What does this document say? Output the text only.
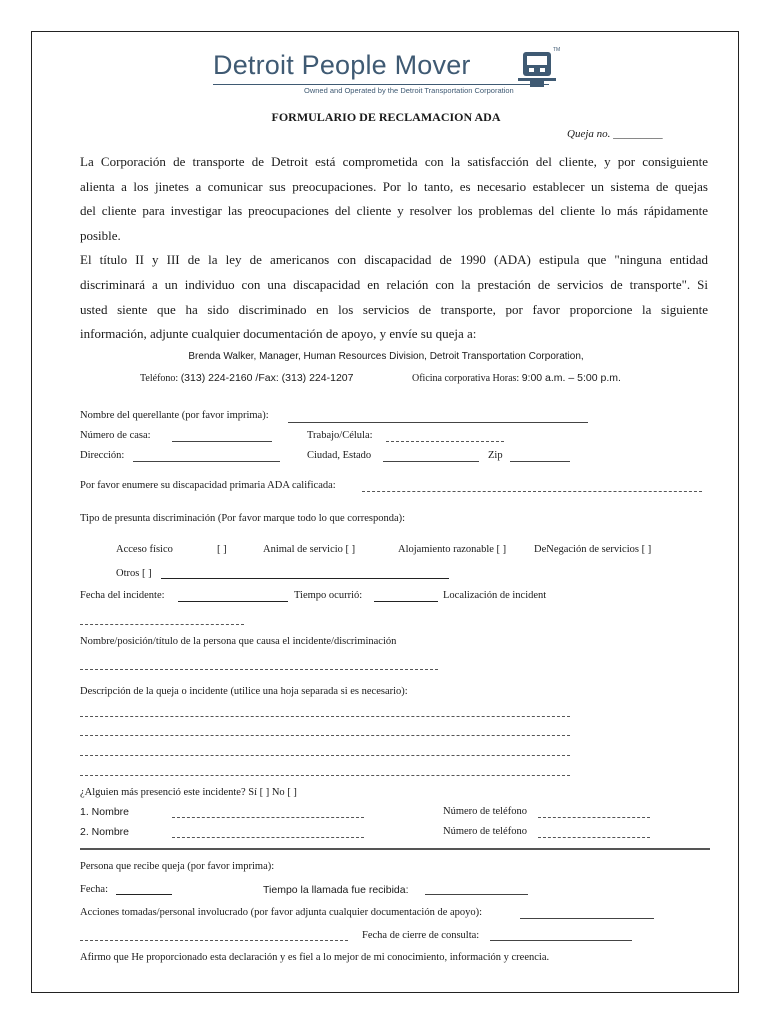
Detroit People Mover
Owned and Operated by the Detroit Transportation Corporation
TM
FORMULARIO DE RECLAMACION ADA
Queja no. _________
La Corporación de transporte de Detroit está comprometida con la satisfacción del cliente, y por consiguiente
alienta a los jinetes a comunicar sus preocupaciones. Por lo tanto, es necesario establecer un sistema de quejas
del cliente para investigar las preocupaciones del cliente y resolver los problemas del cliente lo más rápidamente
posible.
El título II y III de la ley de americanos con discapacidad de 1990 (ADA) estipula que "ninguna entidad
discriminará a un individuo con una discapacidad en relación con la prestación de servicios de transporte". Si
usted siente que ha sido discriminado en los servicios de transporte, por favor proporcione la siguiente
información, adjunte cualquier documentación de apoyo, y envíe su queja a:
Brenda Walker, Manager, Human Resources Division, Detroit Transportation Corporation,
Teléfono: (313) 224-2160 /Fax: (313) 224-1207	Oficina corporativa Horas: 9:00 a.m. – 5:00 p.m.
Nombre del querellante (por favor imprima):
Número de casa:	Trabajo/Célula:
Dirección:	Ciudad, Estado	Zip
Por favor enumere su discapacidad primaria ADA calificada:
Tipo de presunta discriminación (Por favor marque todo lo que corresponda):
Acceso físico	[ ]	Animal de servicio [ ]	Alojamiento razonable [ ]	DeNegación de servicios [ ]
Otros [ ]
Fecha del incidente:	Tiempo ocurrió:	Localización de incident
Nombre/posición/título de la persona que causa el incidente/discriminación
Descripción de la queja o incidente (utilice una hoja separada si es necesario):
¿Alguien más presenció este incidente? Sí [ ] No [ ]
1. Nombre	Número de teléfono
2. Nombre	Número de teléfono
Persona que recibe queja (por favor imprima):
Fecha:	Tiempo la llamada fue recibida:
Acciones tomadas/personal involucrado (por favor adjunta cualquier documentación de apoyo):
Fecha de cierre de consulta:
Afirmo que He proporcionado esta declaración y es fiel a lo mejor de mi conocimiento, información y creencia.
